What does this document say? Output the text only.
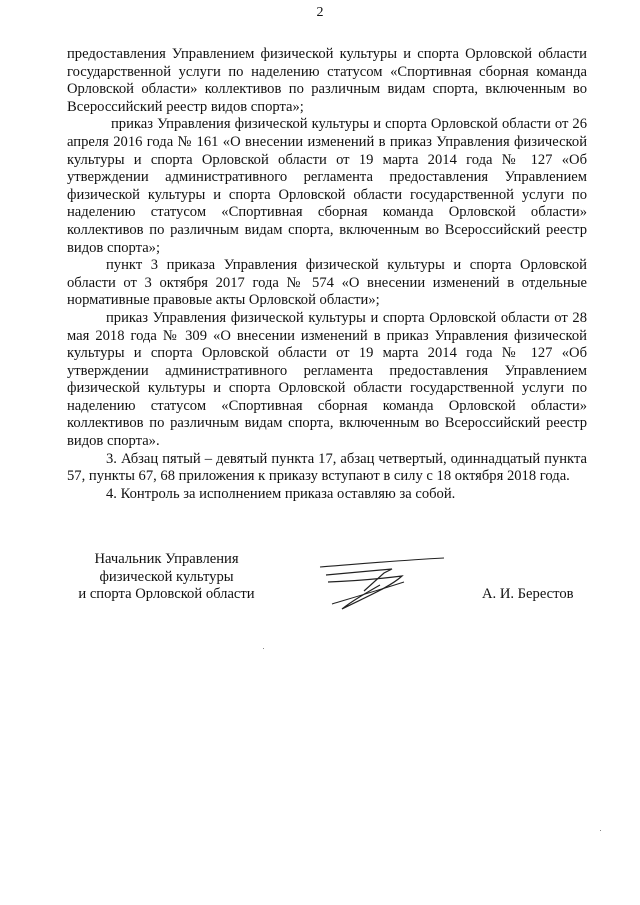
2

предоставления Управлением физической культуры и спорта Орловской области государственной услуги по наделению статусом «Спортивная сборная команда Орловской области» коллективов по различным видам спорта, включенным во Всероссийский реестр видов спорта»;

приказ Управления физической культуры и спорта Орловской области от 26 апреля 2016 года № 161 «О внесении изменений в приказ Управления физической культуры и спорта Орловской области от 19 марта 2014 года № 127 «Об утверждении административного регламента предоставления Управлением физической культуры и спорта Орловской области государственной услуги по наделению статусом «Спортивная сборная команда Орловской области» коллективов по различным видам спорта, включенным во Всероссийский реестр видов спорта»;

пункт 3 приказа Управления физической культуры и спорта Орловской области от 3 октября 2017 года № 574 «О внесении изменений в отдельные нормативные правовые акты Орловской области»;

приказ Управления физической культуры и спорта Орловской области от 28 мая 2018 года № 309 «О внесении изменений в приказ Управления физической культуры и спорта Орловской области от 19 марта 2014 года № 127 «Об утверждении административного регламента предоставления Управлением физической культуры и спорта Орловской области государственной услуги по наделению статусом «Спортивная сборная команда Орловской области» коллективов по различным видам спорта, включенным во Всероссийский реестр видов спорта».

3. Абзац пятый – девятый пункта 17, абзац четвертый, одиннадцатый пункта 57, пункты 67, 68 приложения к приказу вступают в силу с 18 октября 2018 года.

4. Контроль за исполнением приказа оставляю за собой.

Начальник Управления
физической культуры
и спорта Орловской области	А. И. Берестов
